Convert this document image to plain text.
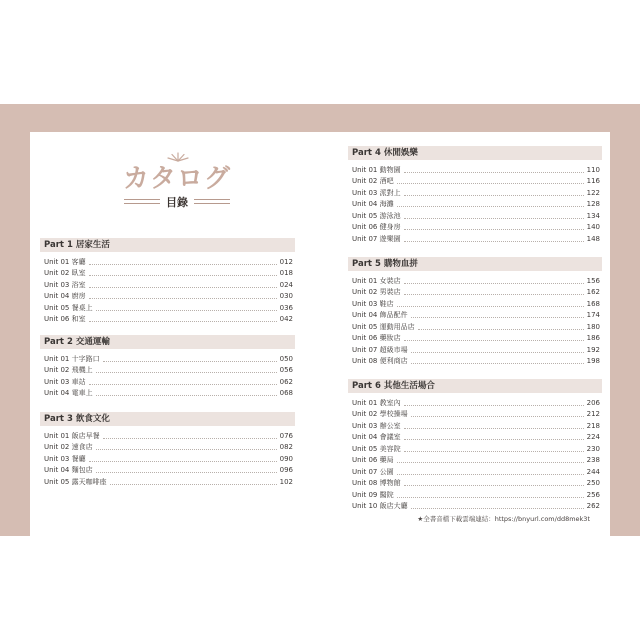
カタログ
目錄
Part 1 居家生活
Unit 01 客廳	012
Unit 02 臥室	018
Unit 03 浴室	024
Unit 04 廚房	030
Unit 05 餐桌上	036
Unit 06 和室	042
Part 2 交通運輸
Unit 01 十字路口	050
Unit 02 飛機上	056
Unit 03 車站	062
Unit 04 電車上	068
Part 3 飲食文化
Unit 01 飯店早餐	076
Unit 02 速食店	082
Unit 03 餐廳	090
Unit 04 麵包店	096
Unit 05 露天咖啡座	102
Part 4 休閒娛樂
Unit 01 動物園	110
Unit 02 酒吧	116
Unit 03 派對上	122
Unit 04 海灘	128
Unit 05 游泳池	134
Unit 06 健身房	140
Unit 07 遊樂園	148
Part 5 購物血拼
Unit 01 女裝店	156
Unit 02 男裝店	162
Unit 03 鞋店	168
Unit 04 飾品配件	174
Unit 05 運動用品店	180
Unit 06 藥妝店	186
Unit 07 超級市場	192
Unit 08 便利商店	198
Part 6 其他生活場合
Unit 01 教室內	206
Unit 02 學校操場	212
Unit 03 辦公室	218
Unit 04 會議室	224
Unit 05 美容院	230
Unit 06 藥局	238
Unit 07 公園	244
Unit 08 博物館	250
Unit 09 醫院	256
Unit 10 飯店大廳	262
★全書音檔下載雲端連結：https://bnyurl.com/dd8mek3t
